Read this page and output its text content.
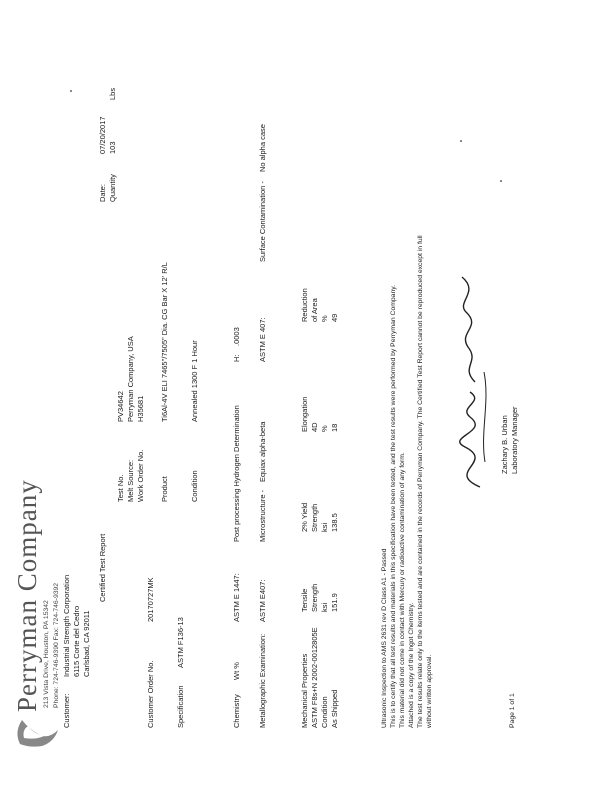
Perryman Company 213 Vista Drive, Houston, PA 15342 Phone: 724-746-9390 Fax: 724-746-9392
Certified Test Report
Customer:
Industrial Strength Corporation 6115 Corte del Cedro Carlsbad, CA 92011
Date:
07/20/2017
Quantity
103
Lbs
Test No.
PV34642
Melt Source:
Perryman Company, USA
Work Order No.
H35681
Customer Order No.
20170727MK
Product
Ti6Al-4V ELI 7465"/7505" Dia. CG Bar X 12' R/L
Specification
ASTM F136-13
Condition
Annealed 1300 F 1 Hour
Chemistry
Wt %
ASTM E 1447:
Post processing Hydrogen Determination
H:
.0003
Metallographic Examination:
ASTM E407:
Microstructure -
Equiax alpha-beta
ASTM E 407:
Surface Contamination -
No alpha case
Mechanical Properties ASTM F8s+N 2002-0012805E Condition As Shipped
Tensile Strength ksi 151.9
2% Yield Strength ksi 138.5
Elongation 4D % 18
Reduction of Area % 49
Ultrasonic Inspection to AMS 2631 rev D Class A1 - Passed This is to certify that all test results and materials in this specification have been tested, and the test results were performed by Perryman Company. This material did not come in contact with Mercury or radioactive contamination of any form. Attached is a copy of the Ingot Chemistry. The test results relate only to the items tested and are contained in the records of Perryman Company. The Certified Test Report cannot be reproduced except in full without written approval.
Zachary B. Urban Laboratory Manager
Page 1 of 1
